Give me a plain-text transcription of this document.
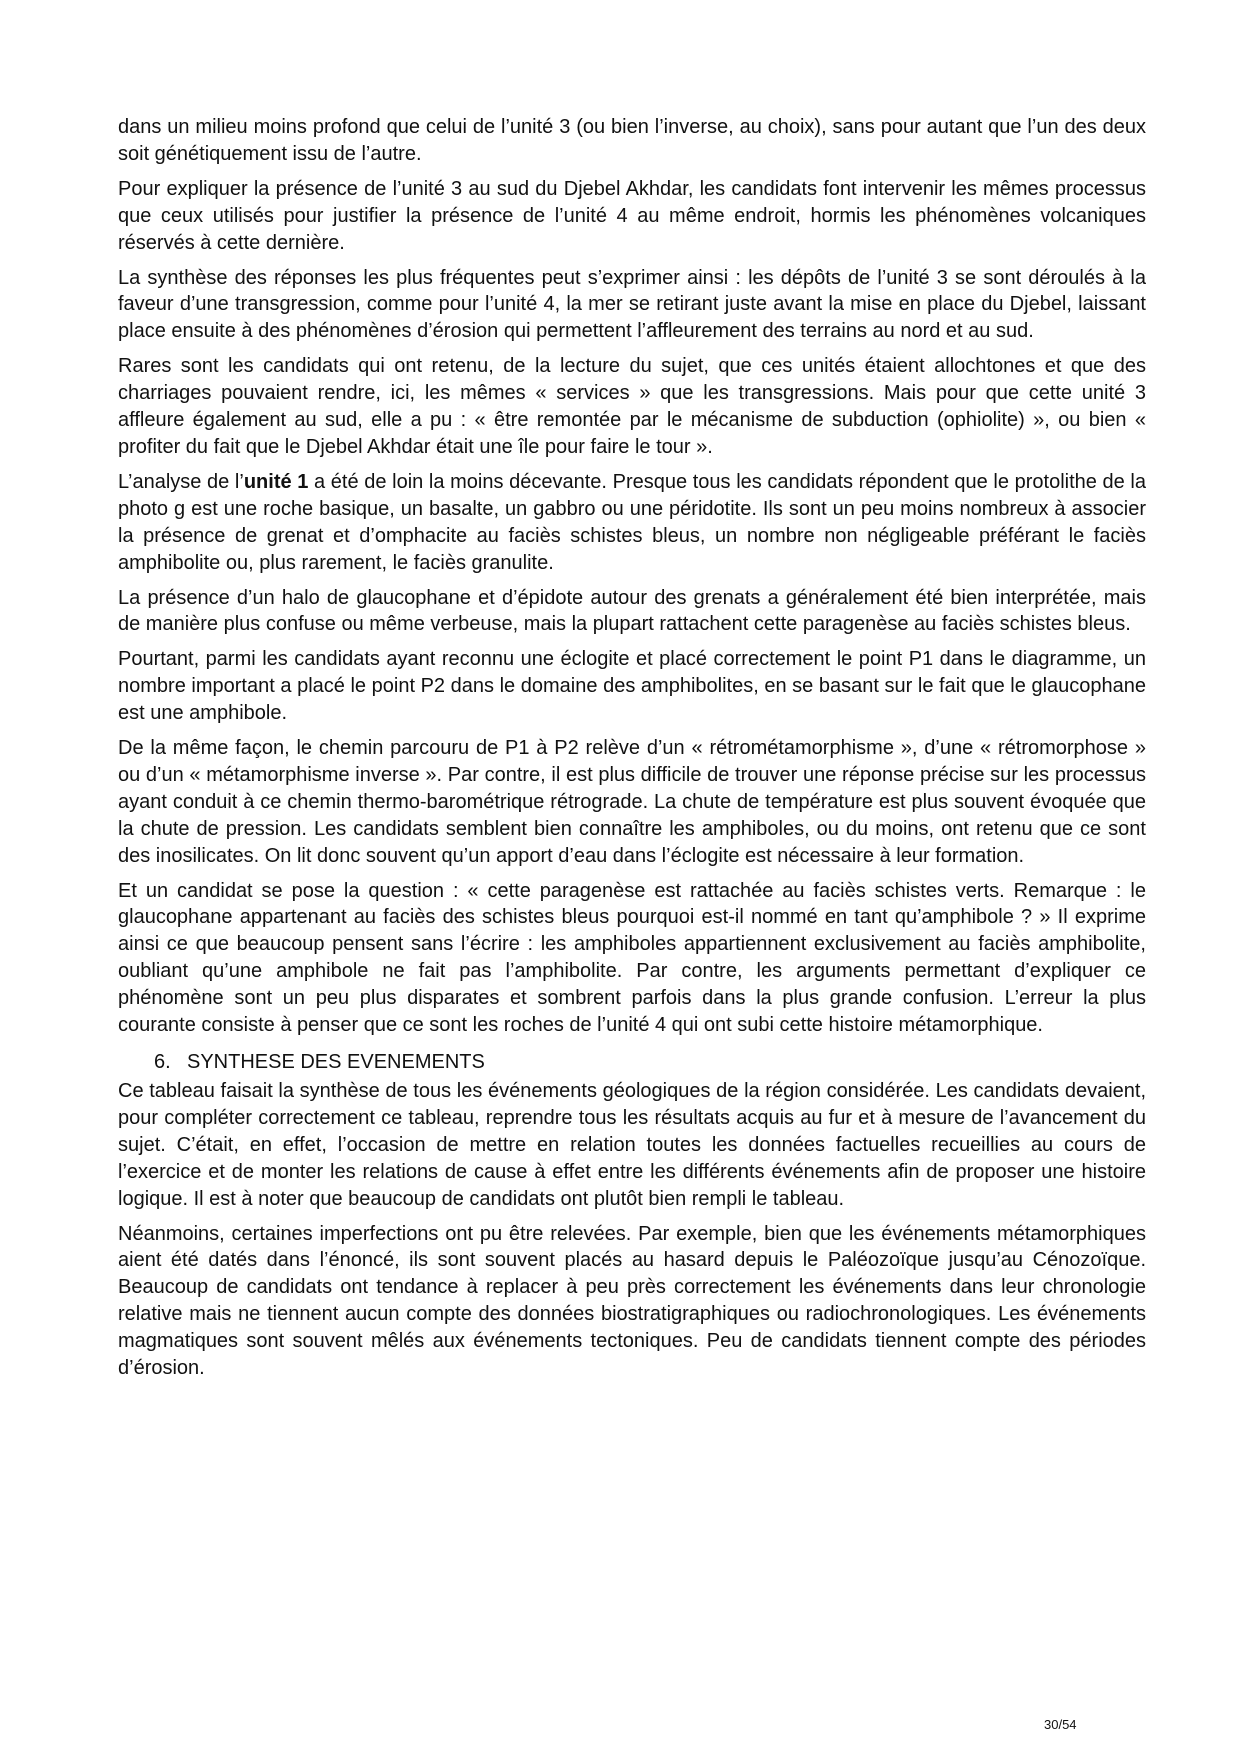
dans un milieu moins profond que celui de l’unité 3 (ou bien l’inverse, au choix), sans pour autant que l’un des deux soit génétiquement issu de l’autre.

Pour expliquer la présence de l’unité 3 au sud du Djebel Akhdar, les candidats font intervenir les mêmes processus que ceux utilisés pour justifier la présence de l’unité 4 au même endroit, hormis les phénomènes volcaniques réservés à cette dernière.

La synthèse des réponses les plus fréquentes peut s’exprimer ainsi : les dépôts de l’unité 3 se sont déroulés à la faveur d’une transgression, comme pour l’unité 4, la mer se retirant juste avant la mise en place du Djebel, laissant place ensuite à des phénomènes d’érosion qui permettent l’affleurement des terrains au nord et au sud.

Rares sont les candidats qui ont retenu, de la lecture du sujet, que ces unités étaient allochtones et que des charriages pouvaient rendre, ici, les mêmes « services » que les transgressions. Mais pour que cette unité 3 affleure également au sud, elle a pu : « être remontée par le mécanisme de subduction (ophiolite) », ou bien « profiter du fait que le Djebel Akhdar était une île pour faire le tour ».

L’analyse de l’unité 1 a été de loin la moins décevante. Presque tous les candidats répondent que le protolithe de la photo g est une roche basique, un basalte, un gabbro ou une péridotite. Ils sont un peu moins nombreux à associer la présence de grenat et d’omphacite au faciès schistes bleus, un nombre non négligeable préférant le faciès amphibolite ou, plus rarement, le faciès granulite.

La présence d’un halo de glaucophane et d’épidote autour des grenats a généralement été bien interprétée, mais de manière plus confuse ou même verbeuse, mais la plupart rattachent cette paragenèse au faciès schistes bleus.

Pourtant, parmi les candidats ayant reconnu une éclogite et placé correctement le point P1 dans le diagramme, un nombre important a placé le point P2 dans le domaine des amphibolites, en se basant sur le fait que le glaucophane est une amphibole.

De la même façon, le chemin parcouru de P1 à P2 relève d’un « rétrométamorphisme », d’une « rétromorphose » ou d’un « métamorphisme inverse ». Par contre, il est plus difficile de trouver une réponse précise sur les processus ayant conduit à ce chemin thermo-barométrique rétrograde. La chute de température est plus souvent évoquée que la chute de pression. Les candidats semblent bien connaître les amphiboles, ou du moins, ont retenu que ce sont des inosilicates. On lit donc souvent qu’un apport d’eau dans l’éclogite est nécessaire à leur formation.

Et un candidat se pose la question : « cette paragenèse est rattachée au faciès schistes verts. Remarque : le glaucophane appartenant au faciès des schistes bleus pourquoi est-il nommé en tant qu’amphibole ? » Il exprime ainsi ce que beaucoup pensent sans l’écrire : les amphiboles appartiennent exclusivement au faciès amphibolite, oubliant qu’une amphibole ne fait pas l’amphibolite. Par contre, les arguments permettant d’expliquer ce phénomène sont un peu plus disparates et sombrent parfois dans la plus grande confusion. L’erreur la plus courante consiste à penser que ce sont les roches de l’unité 4 qui ont subi cette histoire métamorphique.

6. SYNTHESE DES EVENEMENTS

Ce tableau faisait la synthèse de tous les événements géologiques de la région considérée. Les candidats devaient, pour compléter correctement ce tableau, reprendre tous les résultats acquis au fur et à mesure de l’avancement du sujet. C’était, en effet, l’occasion de mettre en relation toutes les données factuelles recueillies au cours de l’exercice et de monter les relations de cause à effet entre les différents événements afin de proposer une histoire logique. Il est à noter que beaucoup de candidats ont plutôt bien rempli le tableau.

Néanmoins, certaines imperfections ont pu être relevées. Par exemple, bien que les événements métamorphiques aient été datés dans l’énoncé, ils sont souvent placés au hasard depuis le Paléozoïque jusqu’au Cénozoïque. Beaucoup de candidats ont tendance à replacer à peu près correctement les événements dans leur chronologie relative mais ne tiennent aucun compte des données biostratigraphiques ou radiochronologiques. Les événements magmatiques sont souvent mêlés aux événements tectoniques. Peu de candidats tiennent compte des périodes d’érosion.

30/54
